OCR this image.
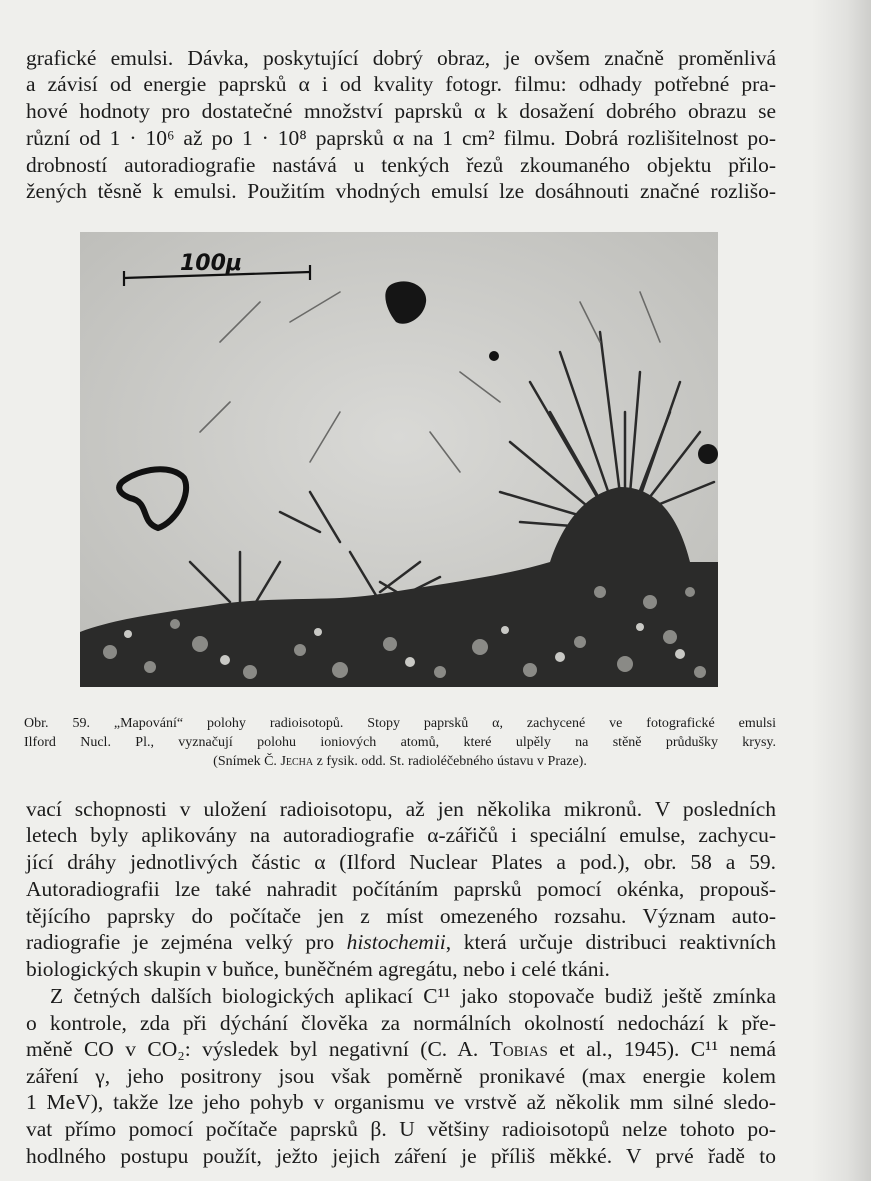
grafické emulsi. Dávka, poskytující dobrý obraz, je ovšem značně proměnlivá

a závisí od energie paprsků α i od kvality fotogr. filmu: odhady potřebné pra-

hové hodnoty pro dostatečné množství paprsků α k dosažení dobrého obrazu se

různí od 1 · 10⁶ až po 1 · 10⁸ paprsků α na 1 cm² filmu. Dobrá rozlišitelnost po-

drobností autoradiografie nastává u tenkých řezů zkoumaného objektu přilo-

žených těsně k emulsi. Použitím vhodných emulsí lze dosáhnouti značné rozlišo-

100μ

Obr. 59. „Mapování“ polohy radioisotopů. Stopy paprsků α, zachycené ve fotografické emulsi

Ilford Nucl. Pl., vyznačují polohu ioniových atomů, které ulpěly na stěně průdušky krysy.

(Snímek Č. Jecha z fysik. odd. St. radioléčebného ústavu v Praze).

vací schopnosti v uložení radioisotopu, až jen několika mikronů. V posledních

letech byly aplikovány na autoradiografie α-zářičů i speciální emulse, zachycu-

jící dráhy jednotlivých částic α (Ilford Nuclear Plates a pod.), obr. 58 a 59.

Autoradiografii lze také nahradit počítáním paprsků pomocí okénka, propouš-

tějícího paprsky do počítače jen z míst omezeného rozsahu. Význam auto-

radiografie je zejména velký pro histochemii, která určuje distribuci reaktivních

biologických skupin v buňce, buněčném agregátu, nebo i celé tkáni.

Z četných dalších biologických aplikací C¹¹ jako stopovače budiž ještě zmínka

o kontrole, zda při dýchání člověka za normálních okolností nedochází k pře-

měně CO v CO₂: výsledek byl negativní (C. A. Tobias et al., 1945). C¹¹ nemá

záření γ, jeho positrony jsou však poměrně pronikavé (max energie kolem

1 MeV), takže lze jeho pohyb v organismu ve vrstvě až několik mm silné sledo-

vat přímo pomocí počítače paprsků β. U většiny radioisotopů nelze tohoto po-

hodlného postupu použít, ježto jejich záření je příliš měkké. V prvé řadě to
